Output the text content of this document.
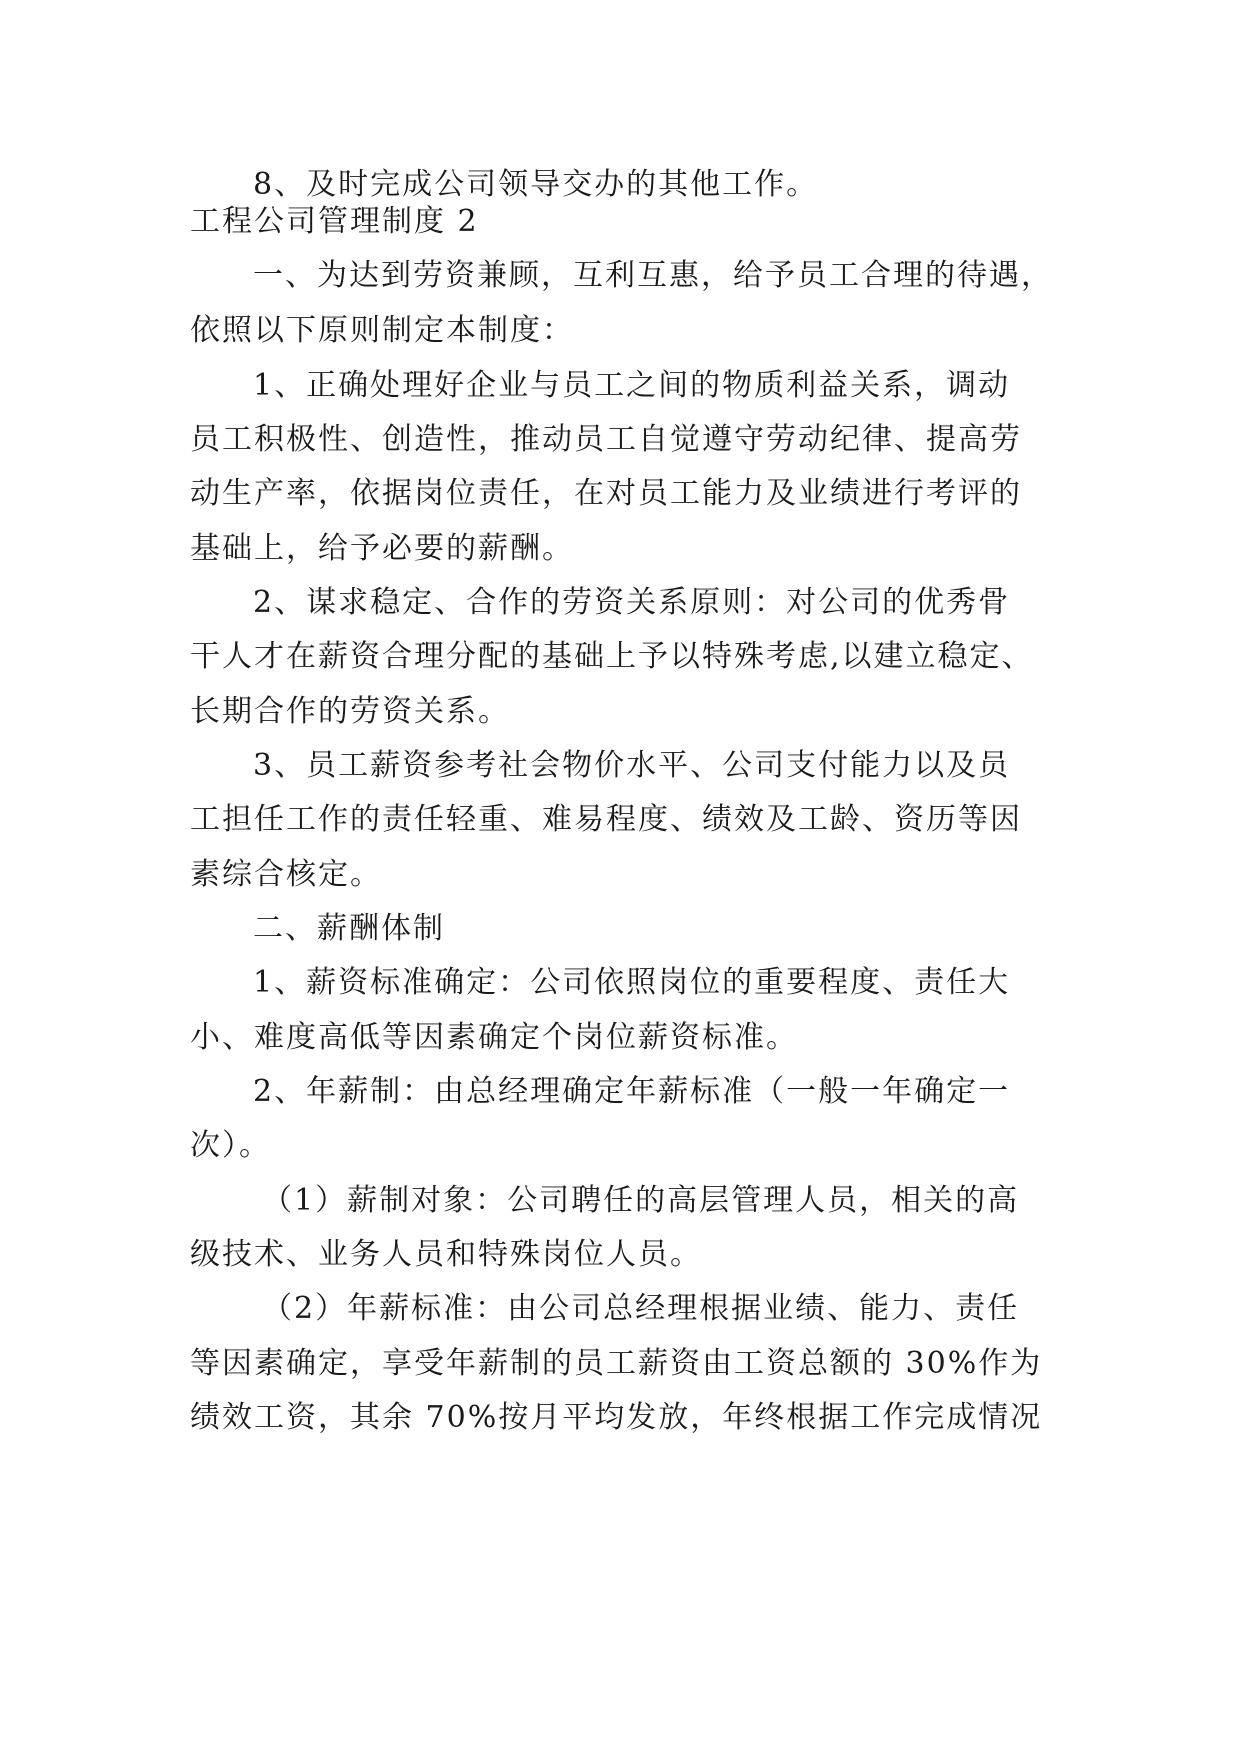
8、及时完成公司领导交办的其他工作。
工程公司管理制度 2
一、为达到劳资兼顾，互利互惠，给予员工合理的待遇，
依照以下原则制定本制度：
1、正确处理好企业与员工之间的物质利益关系，调动
员工积极性、创造性，推动员工自觉遵守劳动纪律、提高劳
动生产率，依据岗位责任，在对员工能力及业绩进行考评的
基础上，给予必要的薪酬。
2、谋求稳定、合作的劳资关系原则：对公司的优秀骨
干人才在薪资合理分配的基础上予以特殊考虑,以建立稳定、
长期合作的劳资关系。
3、员工薪资参考社会物价水平、公司支付能力以及员
工担任工作的责任轻重、难易程度、绩效及工龄、资历等因
素综合核定。
二、薪酬体制
1、薪资标准确定：公司依照岗位的重要程度、责任大
小、难度高低等因素确定个岗位薪资标准。
2、年薪制：由总经理确定年薪标准（一般一年确定一
次）。
（1）薪制对象：公司聘任的高层管理人员，相关的高
级技术、业务人员和特殊岗位人员。
（2）年薪标准：由公司总经理根据业绩、能力、责任
等因素确定，享受年薪制的员工薪资由工资总额的 30%作为
绩效工资，其余 70%按月平均发放，年终根据工作完成情况
